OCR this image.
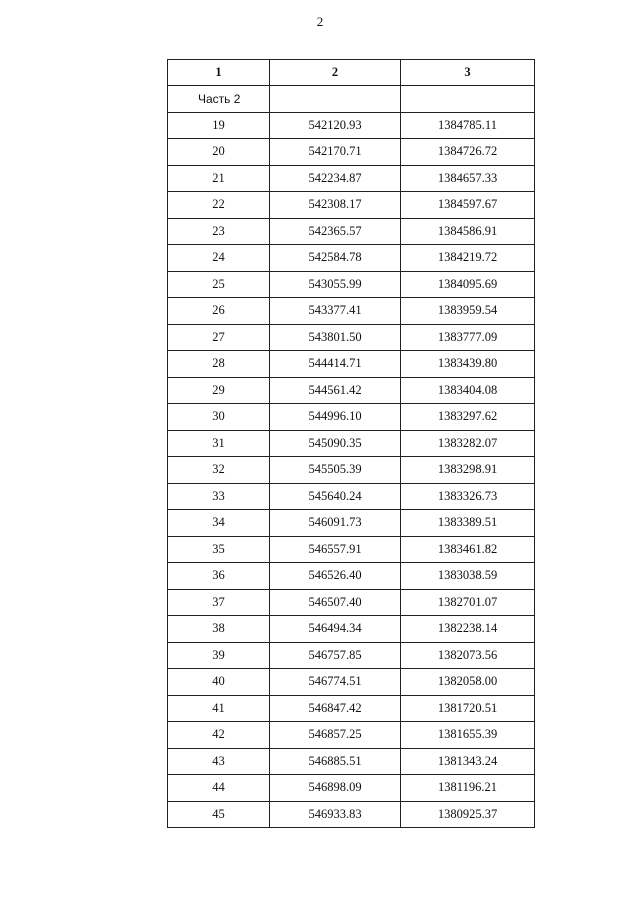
2
1	2	3
Часть 2		
19	542120.93	1384785.11
20	542170.71	1384726.72
21	542234.87	1384657.33
22	542308.17	1384597.67
23	542365.57	1384586.91
24	542584.78	1384219.72
25	543055.99	1384095.69
26	543377.41	1383959.54
27	543801.50	1383777.09
28	544414.71	1383439.80
29	544561.42	1383404.08
30	544996.10	1383297.62
31	545090.35	1383282.07
32	545505.39	1383298.91
33	545640.24	1383326.73
34	546091.73	1383389.51
35	546557.91	1383461.82
36	546526.40	1383038.59
37	546507.40	1382701.07
38	546494.34	1382238.14
39	546757.85	1382073.56
40	546774.51	1382058.00
41	546847.42	1381720.51
42	546857.25	1381655.39
43	546885.51	1381343.24
44	546898.09	1381196.21
45	546933.83	1380925.37
